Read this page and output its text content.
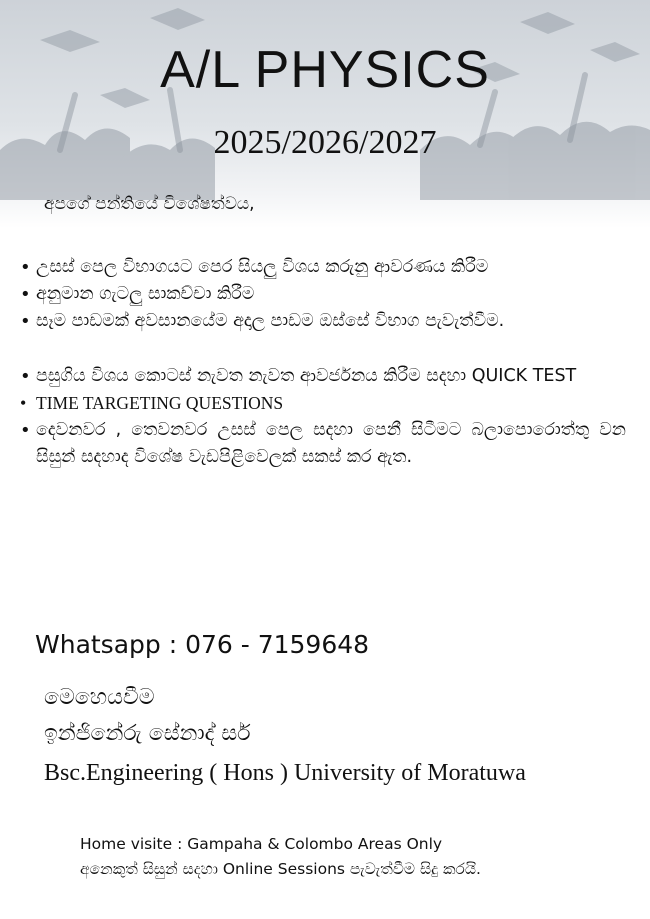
A/L PHYSICS
2025/2026/2027
අපගේ පන්තියේ විශේෂත්වය,
• උසස් පෙල විභාගයට පෙර සියලු විශය කරුනු ආවරණය කිරීම
• අනුමාන ගැටලු සාකච්චා කිරීම
• සෑම පාඩමක් අවසානයේම අදාල පාඩම ඔස්සේ විභාග පැවැත්වීම.
• පසුගිය විශය කොටස් නැවත නැවත ආවර්ජනය කිරීම සදහා QUICK TEST
• TIME TARGETING QUESTIONS
• දෙවනවර , තෙවනවර උසස් පෙල සදහා පෙනී සිටීමට බලාපොරොත්තු වන සිසුන් සදහාද විශේෂ වැඩපිළිවෙලක් සකස් කර ඇත.
Whatsapp : 076 - 7159648
මෙහෙයවීම
ඉන්ජිනේරු සේනාද් සර්
Bsc.Engineering ( Hons ) University of Moratuwa
Home visite : Gampaha & Colombo Areas Only
අනෙකුත් සිසුන් සදහා Online Sessions පැවැත්වීම සිදු කරයි.
